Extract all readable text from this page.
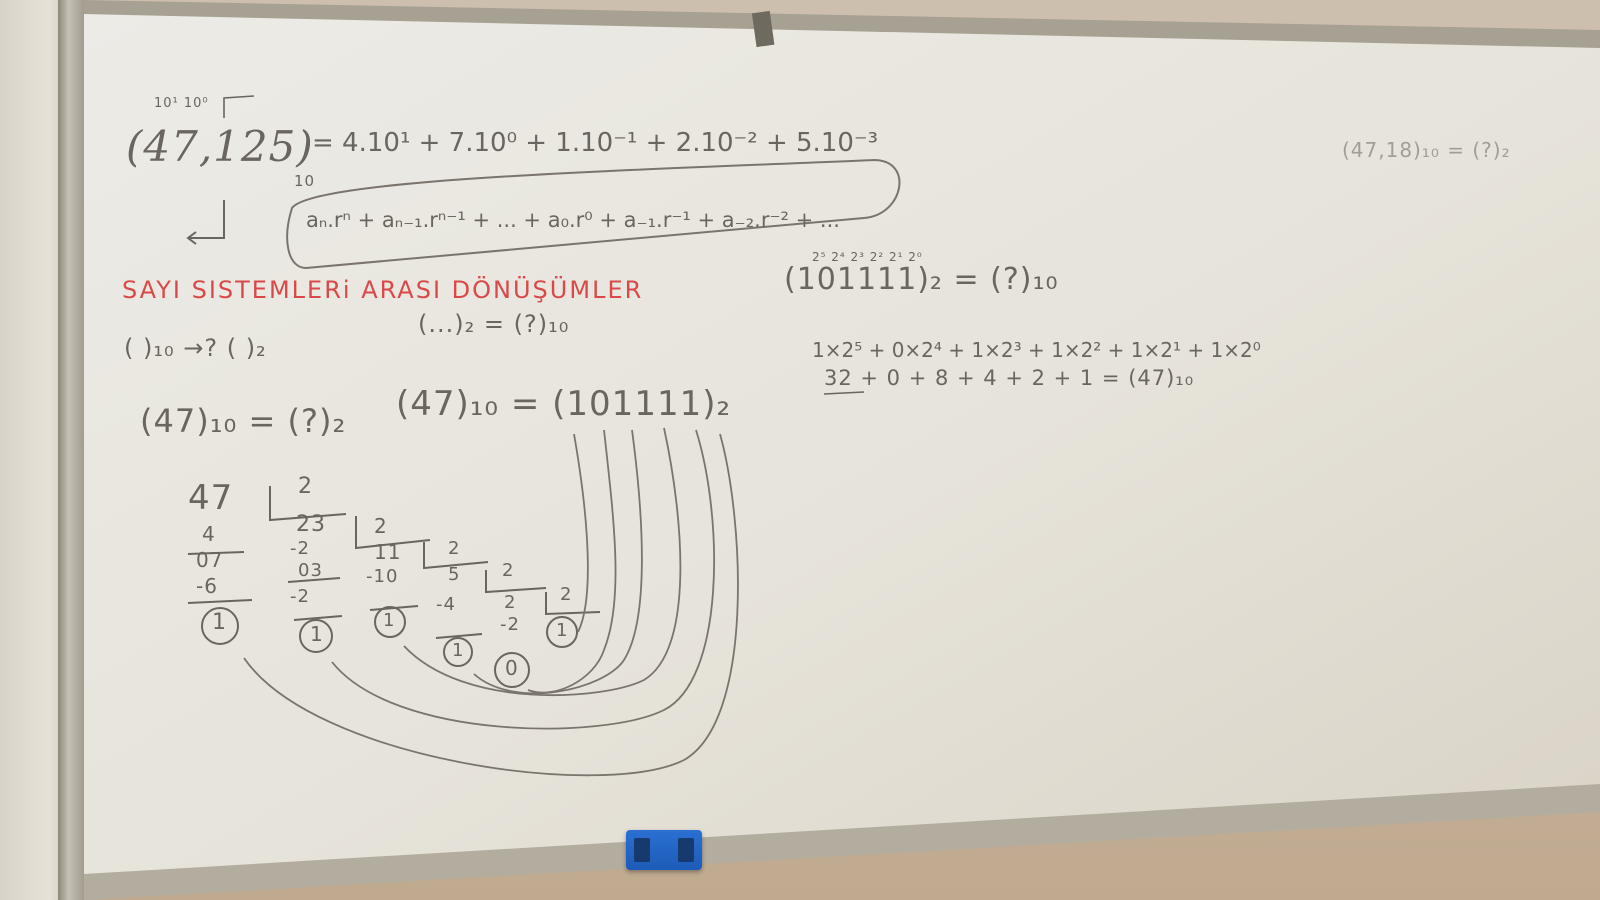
10¹ 10⁰
(47,125)
10
= 4.10¹ + 7.10⁰ + 1.10⁻¹ + 2.10⁻² + 5.10⁻³
aₙ.rⁿ + aₙ₋₁.rⁿ⁻¹ + ... + a₀.r⁰ + a₋₁.r⁻¹ + a₋₂.r⁻² + ...
SAYI SISTEMLERi ARASI DÖNÜŞÜMLER
( )₁₀ →? ( )₂
(...)₂ = (?)₁₀
(47)₁₀ = (?)₂ (47)₁₀ = (101111)₂
47	2
4
07
-6
1
23 2
-2
03
-2
1
11	2
-10
1
5 2
-4
1
2 2
-2
0
1
2⁵ 2⁴ 2³ 2² 2¹ 2⁰
(101111)₂ = (?)₁₀
1×2⁵ + 0×2⁴ + 1×2³ + 1×2² + 1×2¹ + 1×2⁰
32 + 0 + 8 + 4 + 2 + 1 = (47)₁₀
(47,18)₁₀ = (?)₂
